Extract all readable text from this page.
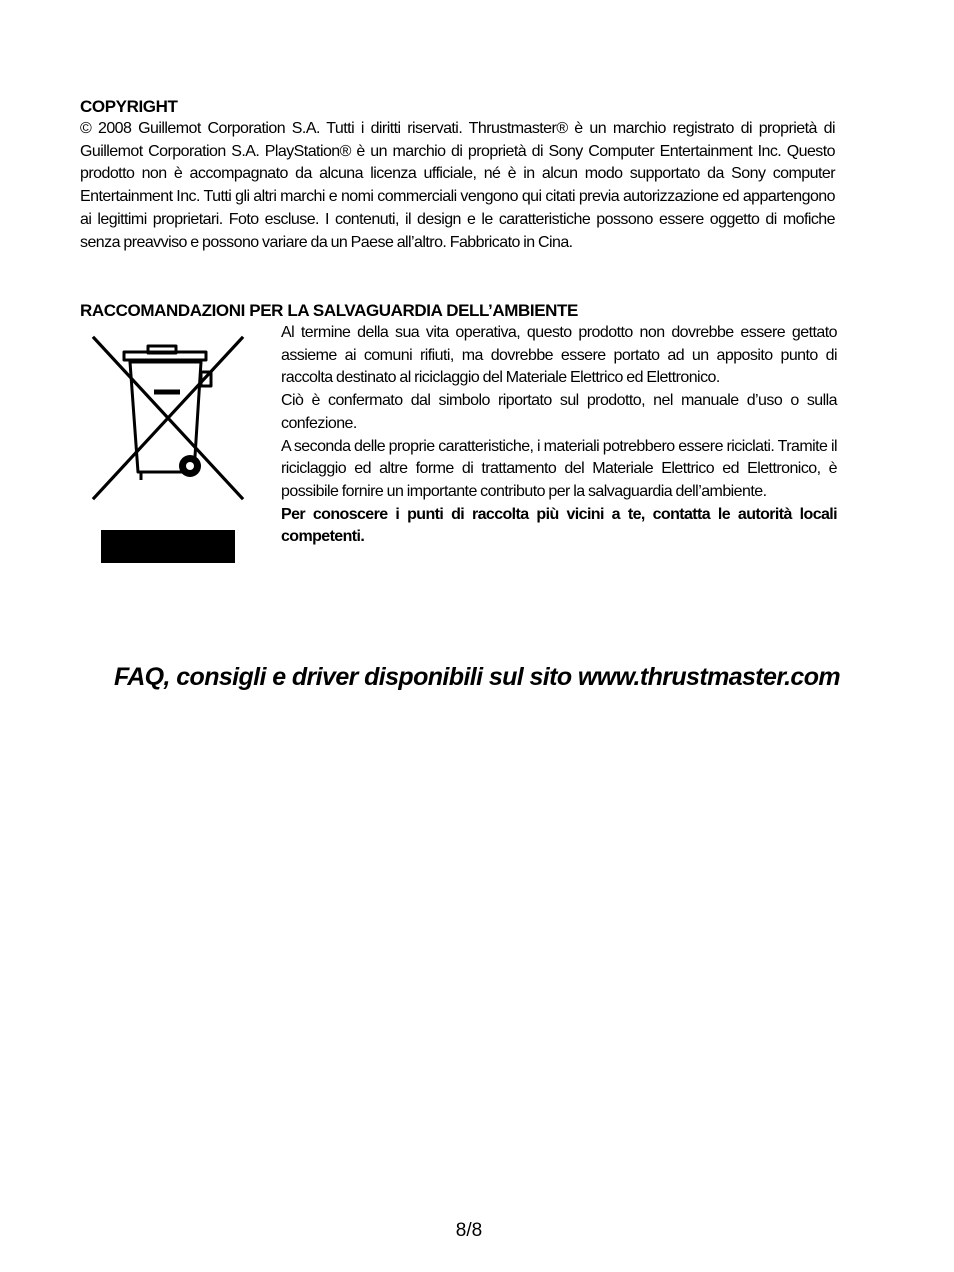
COPYRIGHT
© 2008 Guillemot Corporation S.A. Tutti i diritti riservati. Thrustmaster® è un marchio registrato di proprietà di Guillemot Corporation S.A. PlayStation® è un marchio di proprietà di Sony Computer Entertainment Inc. Questo prodotto non è accompagnato da alcuna licenza ufficiale, né è in alcun modo supportato da Sony computer Entertainment Inc. Tutti gli altri marchi e nomi commerciali vengono qui citati previa autorizzazione ed appartengono ai legittimi proprietari. Foto escluse. I contenuti, il design e le caratteristiche possono essere oggetto di mofiche senza preavviso e possono variare da un Paese all’altro. Fabbricato in Cina.
RACCOMANDAZIONI PER LA SALVAGUARDIA DELL’AMBIENTE

Al termine della sua vita operativa, questo prodotto non dovrebbe essere gettato assieme ai comuni rifiuti, ma dovrebbe essere portato ad un apposito punto di raccolta destinato al riciclaggio del Materiale Elettrico ed Elettronico.

Ciò è confermato dal simbolo riportato sul prodotto, nel manuale d’uso o sulla confezione.

A seconda delle proprie caratteristiche, i materiali potrebbero essere riciclati. Tramite il riciclaggio ed altre forme di trattamento del Materiale Elettrico ed Elettronico, è possibile fornire un importante contributo per la salvaguardia dell’ambiente.

Per conoscere i punti di raccolta più vicini a te, contatta le autorità locali competenti.

FAQ, consigli e driver disponibili sul sito www.thrustmaster.com
8/8
